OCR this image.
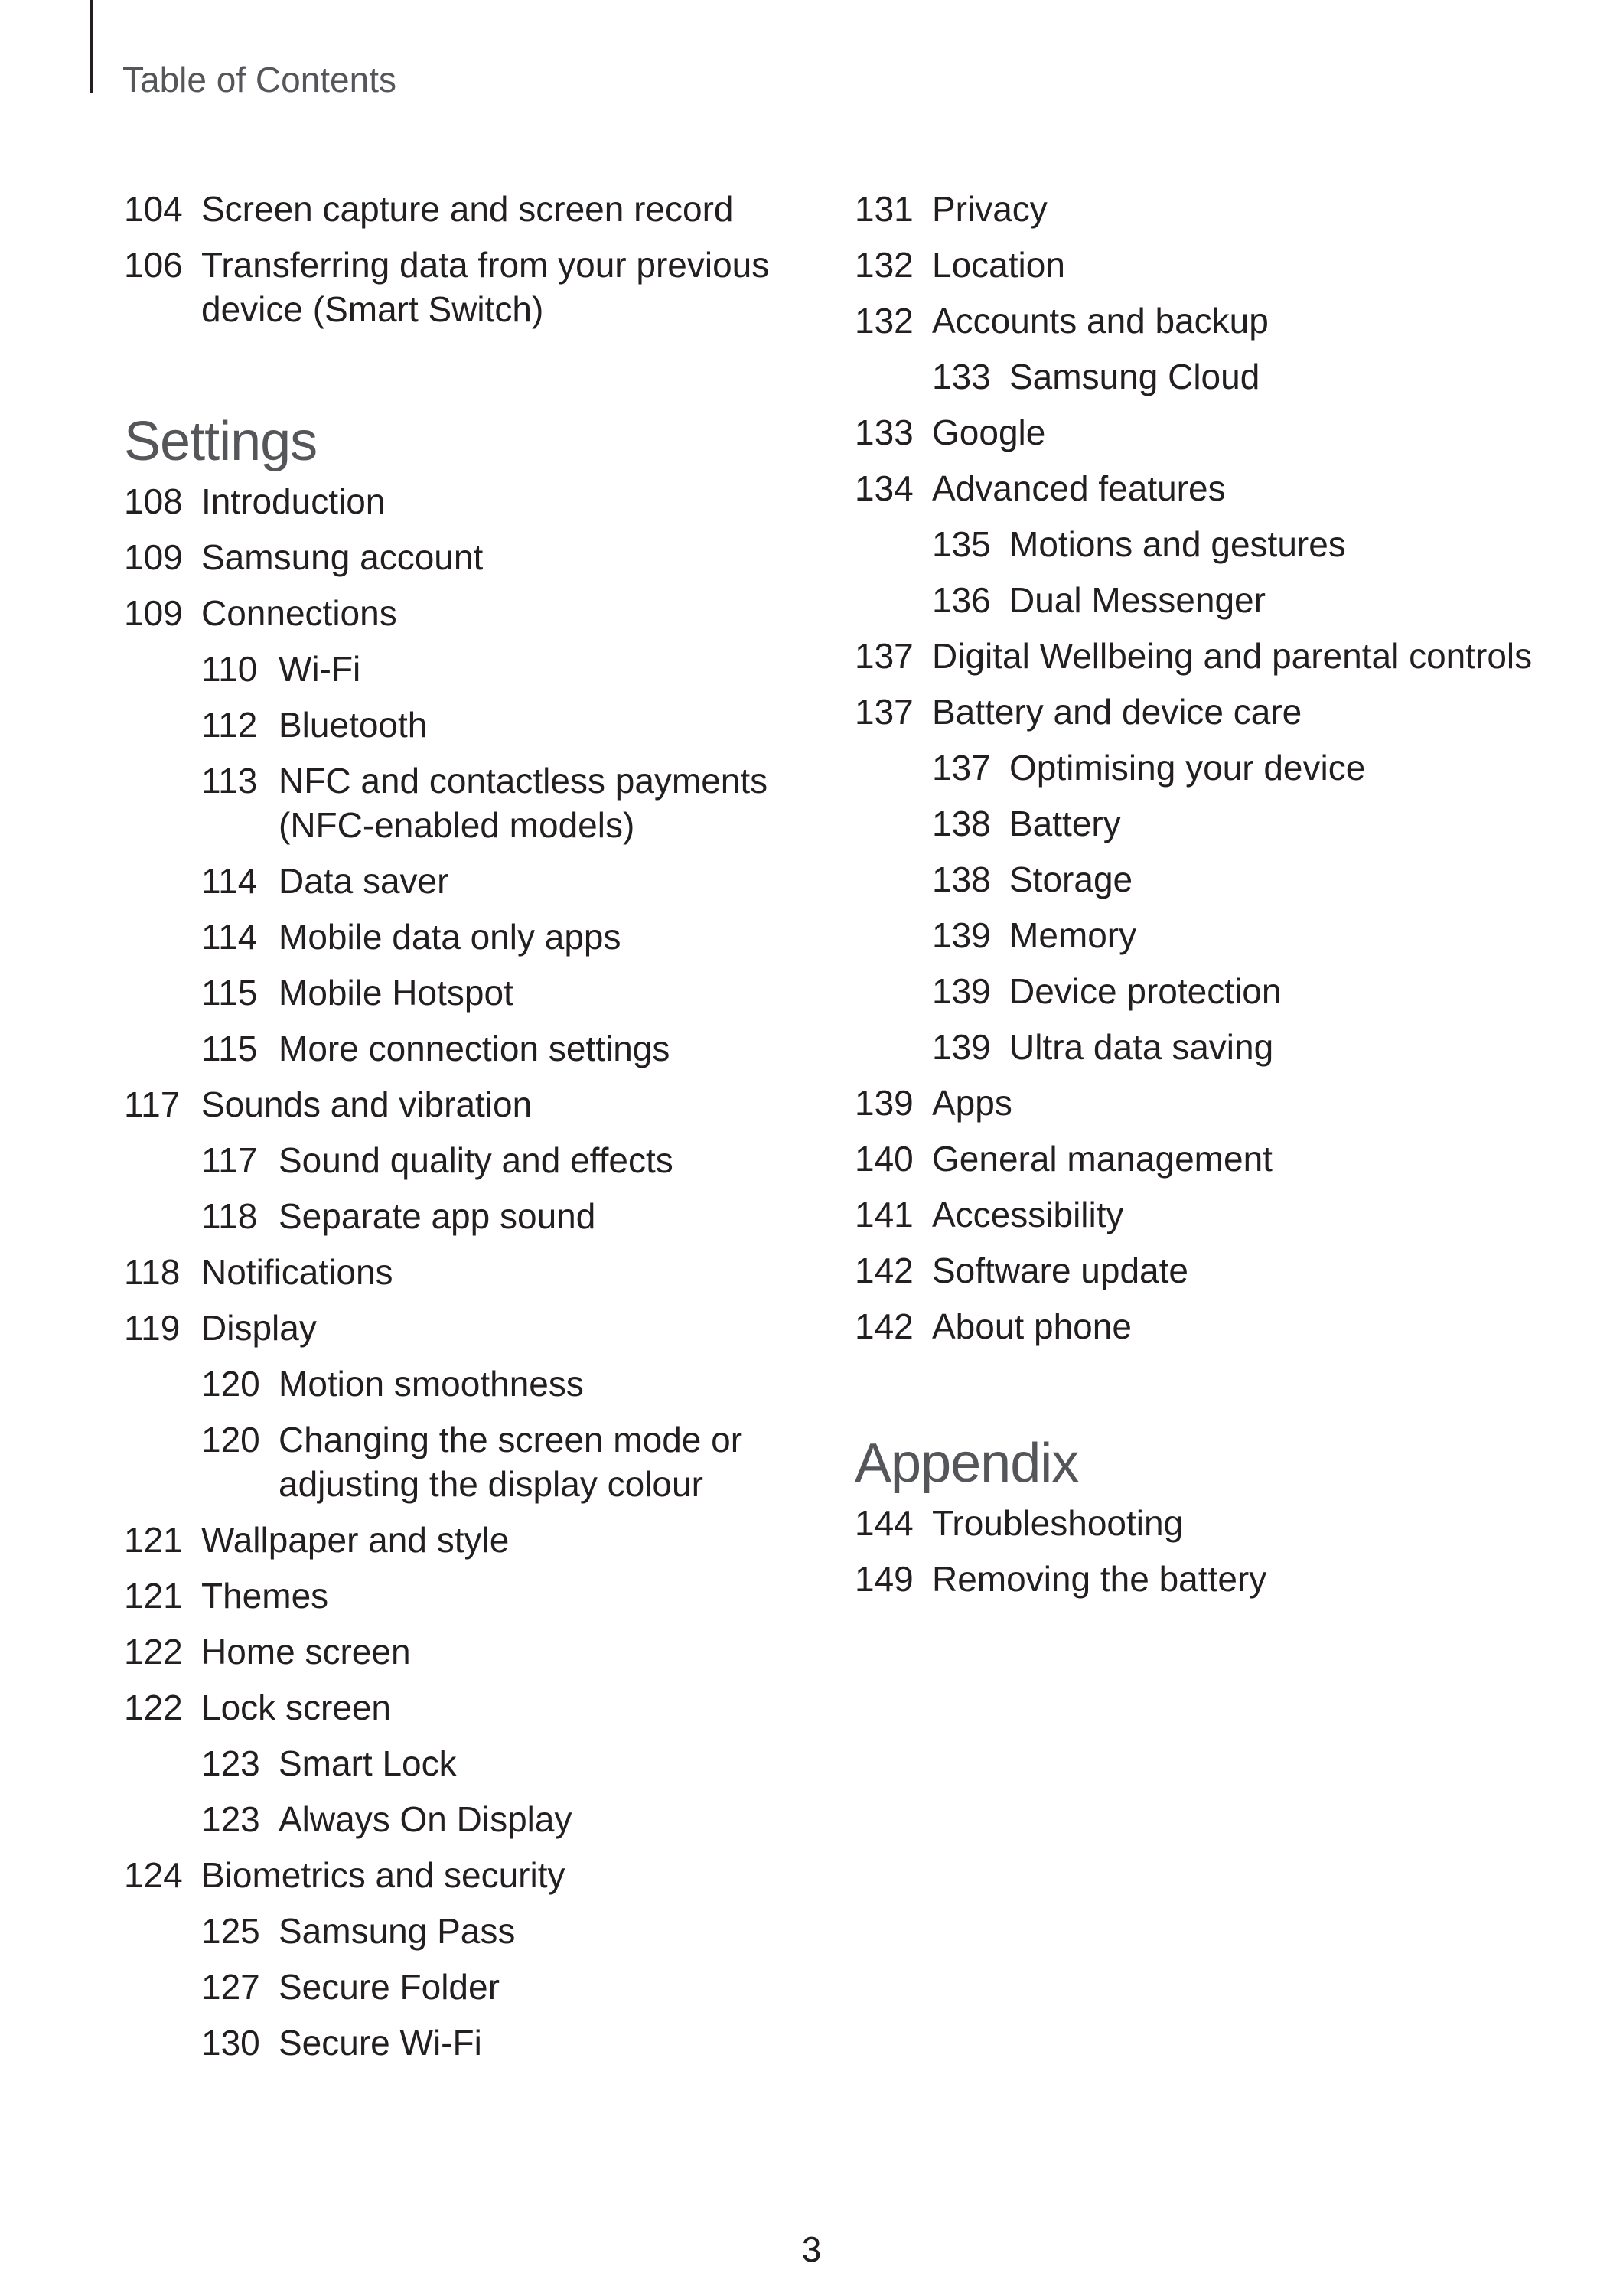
Table of Contents
104 Screen capture and screen record
106 Transferring data from your previous device (Smart Switch)
Settings
108 Introduction
109 Samsung account
109 Connections
110 Wi-Fi
112 Bluetooth
113 NFC and contactless payments (NFC-enabled models)
114 Data saver
114 Mobile data only apps
115 Mobile Hotspot
115 More connection settings
117 Sounds and vibration
117 Sound quality and effects
118 Separate app sound
118 Notifications
119 Display
120 Motion smoothness
120 Changing the screen mode or adjusting the display colour
121 Wallpaper and style
121 Themes
122 Home screen
122 Lock screen
123 Smart Lock
123 Always On Display
124 Biometrics and security
125 Samsung Pass
127 Secure Folder
130 Secure Wi-Fi
131 Privacy
132 Location
132 Accounts and backup
133 Samsung Cloud
133 Google
134 Advanced features
135 Motions and gestures
136 Dual Messenger
137 Digital Wellbeing and parental controls
137 Battery and device care
137 Optimising your device
138 Battery
138 Storage
139 Memory
139 Device protection
139 Ultra data saving
139 Apps
140 General management
141 Accessibility
142 Software update
142 About phone
Appendix
144 Troubleshooting
149 Removing the battery
3
